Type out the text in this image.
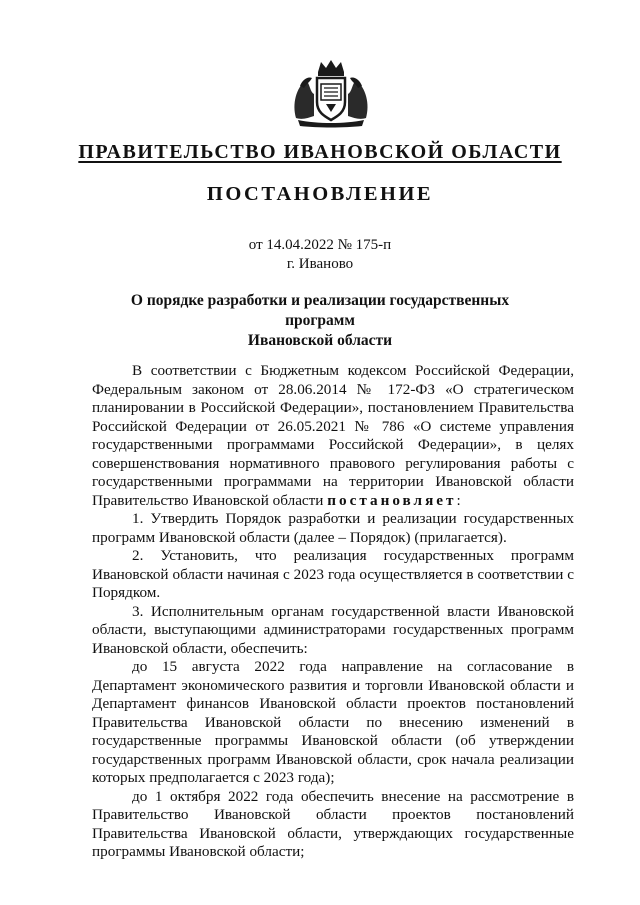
ПРАВИТЕЛЬСТВО ИВАНОВСКОЙ ОБЛАСТИ
ПОСТАНОВЛЕНИЕ
от 14.04.2022 № 175-п
г. Иваново
О порядке разработки и реализации государственных программ
Ивановской области

В соответствии с Бюджетным кодексом Российской Федерации, Федеральным законом от 28.06.2014 № 172-ФЗ «О стратегическом планировании в Российской Федерации», постановлением Правительства Российской Федерации от 26.05.2021 № 786 «О системе управления государственными программами Российской Федерации», в целях совершенствования нормативного правового регулирования работы с государственными программами на территории Ивановской области Правительство Ивановской области постановляет:

1. Утвердить Порядок разработки и реализации государственных программ Ивановской области (далее – Порядок) (прилагается).

2. Установить, что реализация государственных программ Ивановской области начиная с 2023 года осуществляется в соответствии с Порядком.

3. Исполнительным органам государственной власти Ивановской области, выступающими администраторами государственных программ Ивановской области, обеспечить:

до 15 августа 2022 года направление на согласование в Департамент экономического развития и торговли Ивановской области и Департамент финансов Ивановской области проектов постановлений Правительства Ивановской области по внесению изменений в государственные программы Ивановской области (об утверждении государственных программ Ивановской области, срок начала реализации которых предполагается с 2023 года);

до 1 октября 2022 года обеспечить внесение на рассмотрение в Правительство Ивановской области проектов постановлений Правительства Ивановской области, утверждающих государственные программы Ивановской области;
